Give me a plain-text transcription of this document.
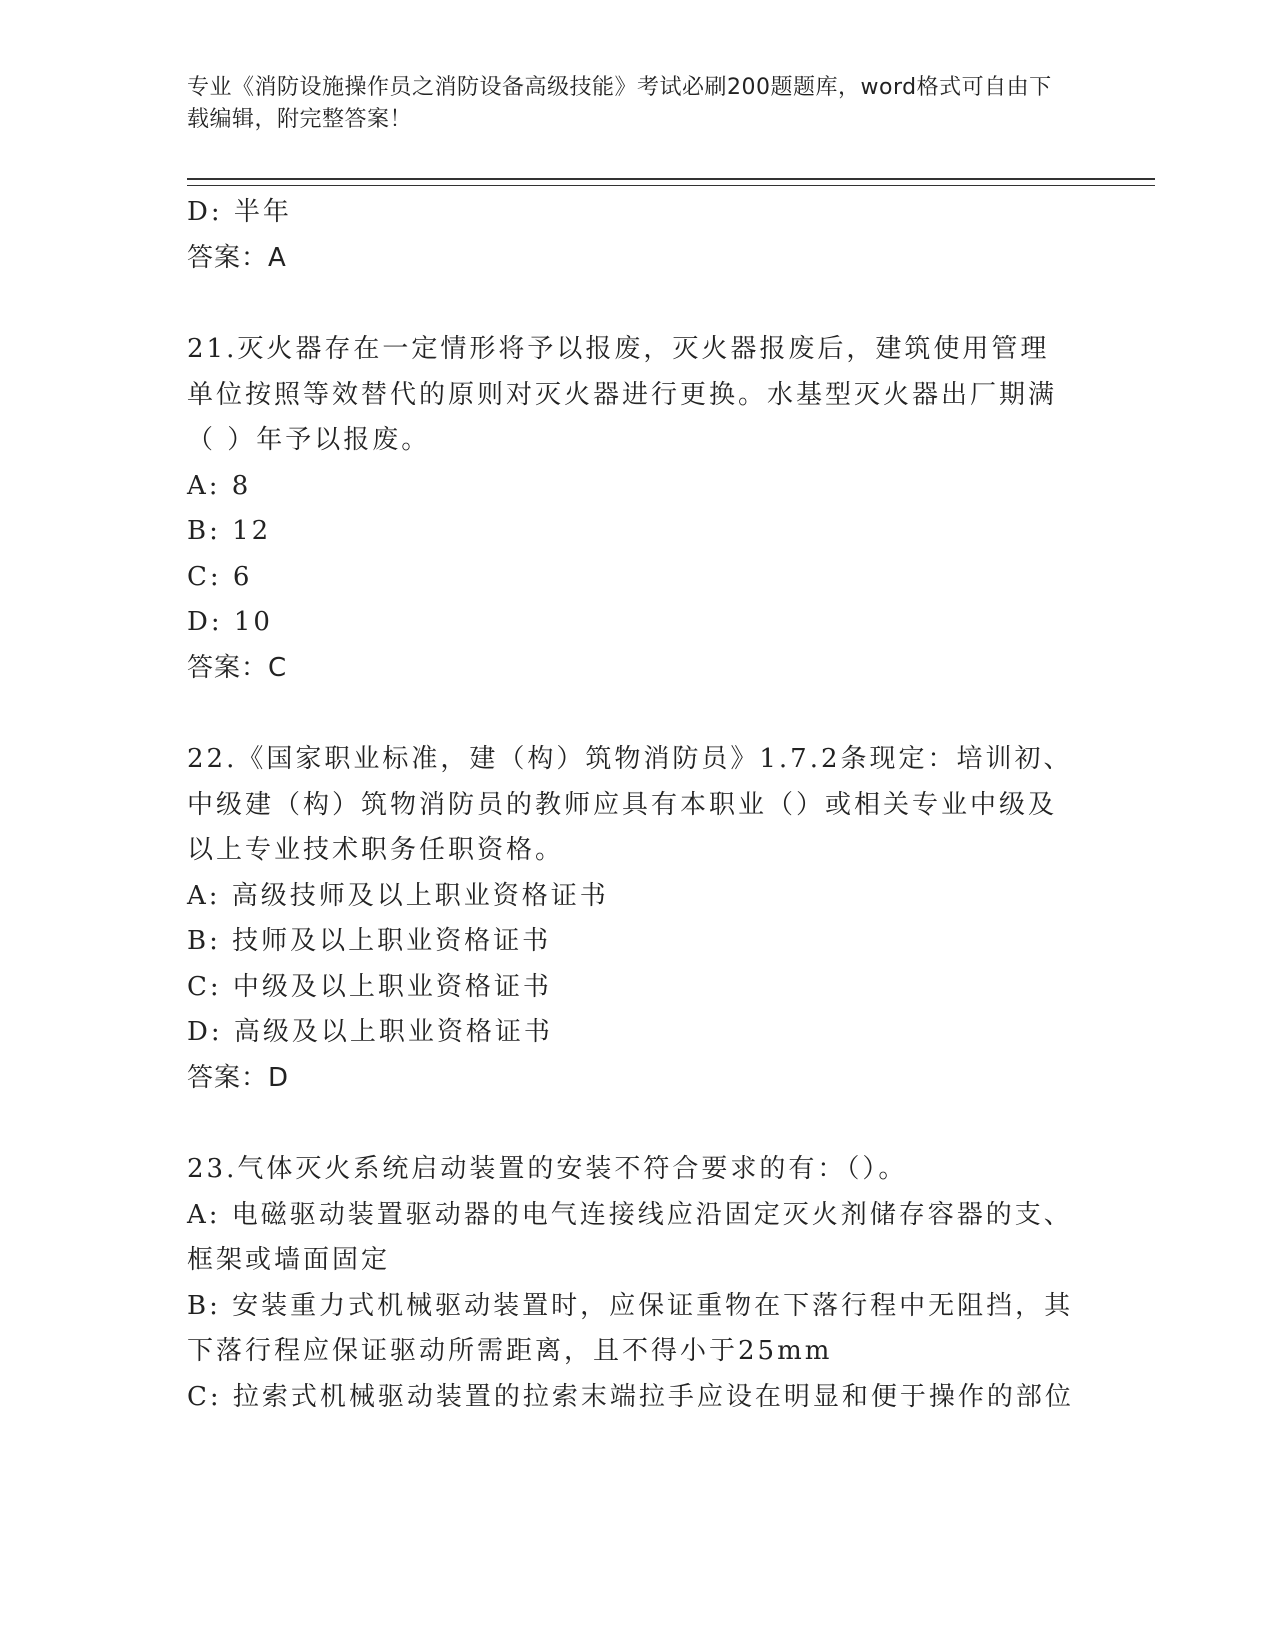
专业《消防设施操作员之消防设备高级技能》考试必刷200题题库，word格式可自由下载编辑，附完整答案！
D: 半年
答案：A
21.灭火器存在一定情形将予以报废，灭火器报废后，建筑使用管理单位按照等效替代的原则对灭火器进行更换。水基型灭火器出厂期满（ ）年予以报废。
A: 8
B: 12
C: 6
D: 10
答案：C
22.《国家职业标准，建（构）筑物消防员》1.7.2条现定：培训初、中级建（构）筑物消防员的教师应具有本职业（）或相关专业中级及以上专业技术职务任职资格。
A: 高级技师及以上职业资格证书
B: 技师及以上职业资格证书
C: 中级及以上职业资格证书
D: 高级及以上职业资格证书
答案：D
23.气体灭火系统启动装置的安装不符合要求的有：（）。
A: 电磁驱动装置驱动器的电气连接线应沿固定灭火剂储存容器的支、框架或墙面固定
B: 安装重力式机械驱动装置时，应保证重物在下落行程中无阻挡，其下落行程应保证驱动所需距离，且不得小于25mm
C: 拉索式机械驱动装置的拉索末端拉手应设在明显和便于操作的部位
